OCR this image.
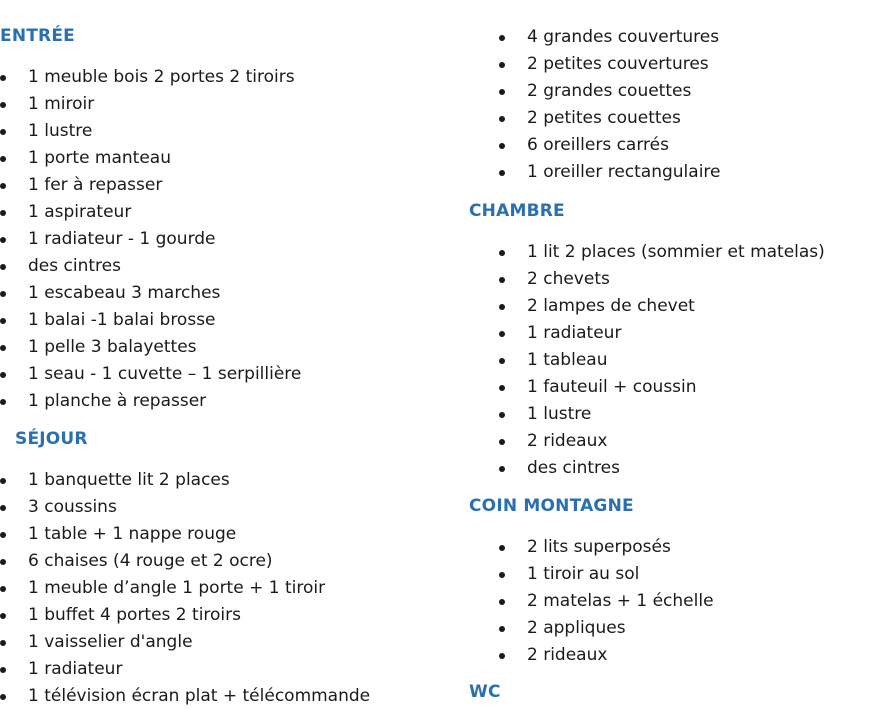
ENTRÉE
1 meuble bois 2 portes 2 tiroirs
1 miroir
1 lustre
1 porte manteau
1 fer à repasser
1 aspirateur
1 radiateur - 1 gourde
des cintres
1 escabeau 3 marches
1 balai -1 balai brosse
1 pelle 3 balayettes
1 seau - 1 cuvette – 1 serpillière
1 planche à repasser
SÉJOUR
1 banquette lit 2 places
3 coussins
1 table + 1 nappe rouge
6 chaises (4 rouge et 2 ocre)
1 meuble d’angle 1 porte + 1 tiroir
1 buffet 4 portes 2 tiroirs
1 vaisselier d'angle
1 radiateur
1 télévision écran plat + télécommande
4 grandes couvertures
2 petites couvertures
2 grandes couettes
2 petites couettes
6 oreillers carrés
1 oreiller rectangulaire
CHAMBRE
1 lit 2 places (sommier et matelas)
2 chevets
2 lampes de chevet
1 radiateur
1 tableau
1 fauteuil + coussin
1 lustre
2 rideaux
des cintres
COIN MONTAGNE
2 lits superposés
1 tiroir au sol
2 matelas + 1 échelle
2 appliques
2 rideaux
WC
